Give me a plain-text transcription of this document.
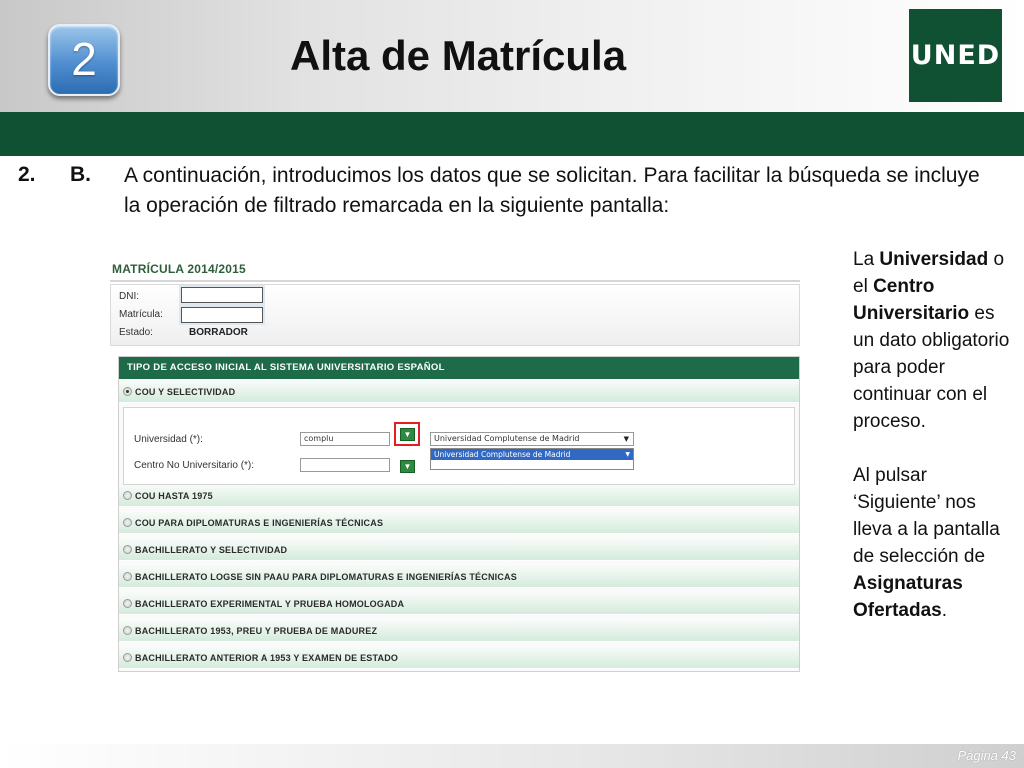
2	Alta de Matrícula	UNED
2. B. A continuación, introducimos los datos que se solicitan. Para facilitar la búsqueda se incluye la operación de filtrado remarcada en la siguiente pantalla:

La Universidad o el Centro Universitario es un dato obligatorio para poder continuar con el proceso.

Al pulsar ‘Siguiente’ nos lleva a la pantalla de selección de Asignaturas Ofertadas.

MATRÍCULA 2014/2015
DNI:
Matrícula:
Estado:	BORRADOR
TIPO DE ACCESO INICIAL AL SISTEMA UNIVERSITARIO ESPAÑOL
COU Y SELECTIVIDAD
Universidad (*):	complu	▼	Universidad Complutense de Madrid	▼
Universidad Complutense de Madrid	▼
Centro No Universitario (*):	▼
COU HASTA 1975
COU PARA DIPLOMATURAS E INGENIERÍAS TÉCNICAS
BACHILLERATO Y SELECTIVIDAD
BACHILLERATO LOGSE SIN PAAU PARA DIPLOMATURAS E INGENIERÍAS TÉCNICAS
BACHILLERATO EXPERIMENTAL Y PRUEBA HOMOLOGADA
BACHILLERATO 1953, PREU Y PRUEBA DE MADUREZ
BACHILLERATO ANTERIOR A 1953 Y EXAMEN DE ESTADO
Página 43
